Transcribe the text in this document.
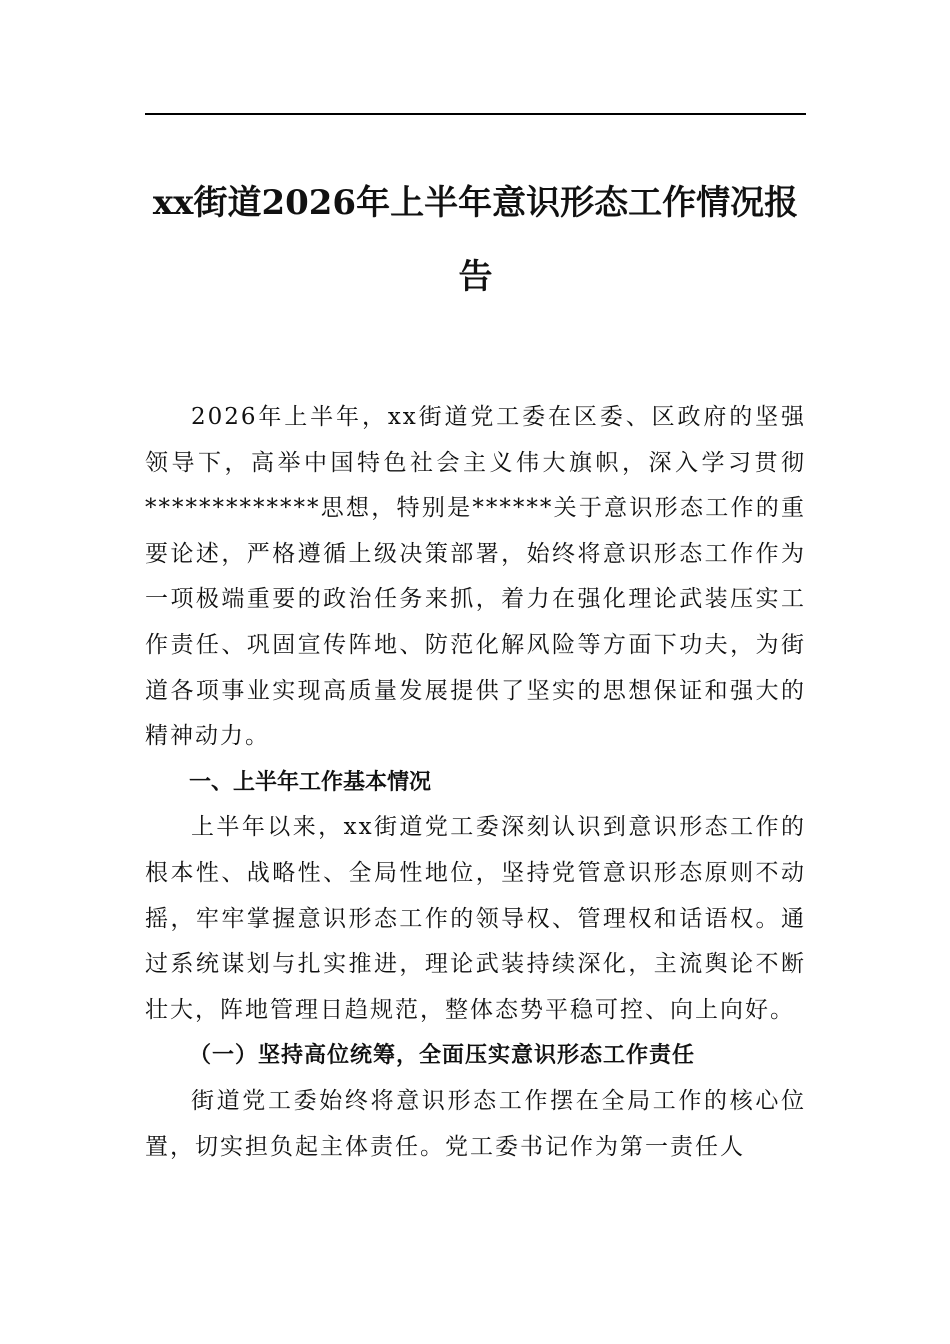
xx街道2026年上半年意识形态工作情况报告

2026年上半年，xx街道党工委在区委、区政府的坚强领导下，高举中国特色社会主义伟大旗帜，深入学习贯彻*************思想，特别是******关于意识形态工作的重要论述，严格遵循上级决策部署，始终将意识形态工作作为一项极端重要的政治任务来抓，着力在强化理论武装压实工作责任、巩固宣传阵地、防范化解风险等方面下功夫，为街道各项事业实现高质量发展提供了坚实的思想保证和强大的精神动力。

一、上半年工作基本情况

上半年以来，xx街道党工委深刻认识到意识形态工作的根本性、战略性、全局性地位，坚持党管意识形态原则不动摇，牢牢掌握意识形态工作的领导权、管理权和话语权。通过系统谋划与扎实推进，理论武装持续深化，主流舆论不断壮大，阵地管理日趋规范，整体态势平稳可控、向上向好。

（一）坚持高位统筹，全面压实意识形态工作责任

街道党工委始终将意识形态工作摆在全局工作的核心位置，切实担负起主体责任。党工委书记作为第一责任人
